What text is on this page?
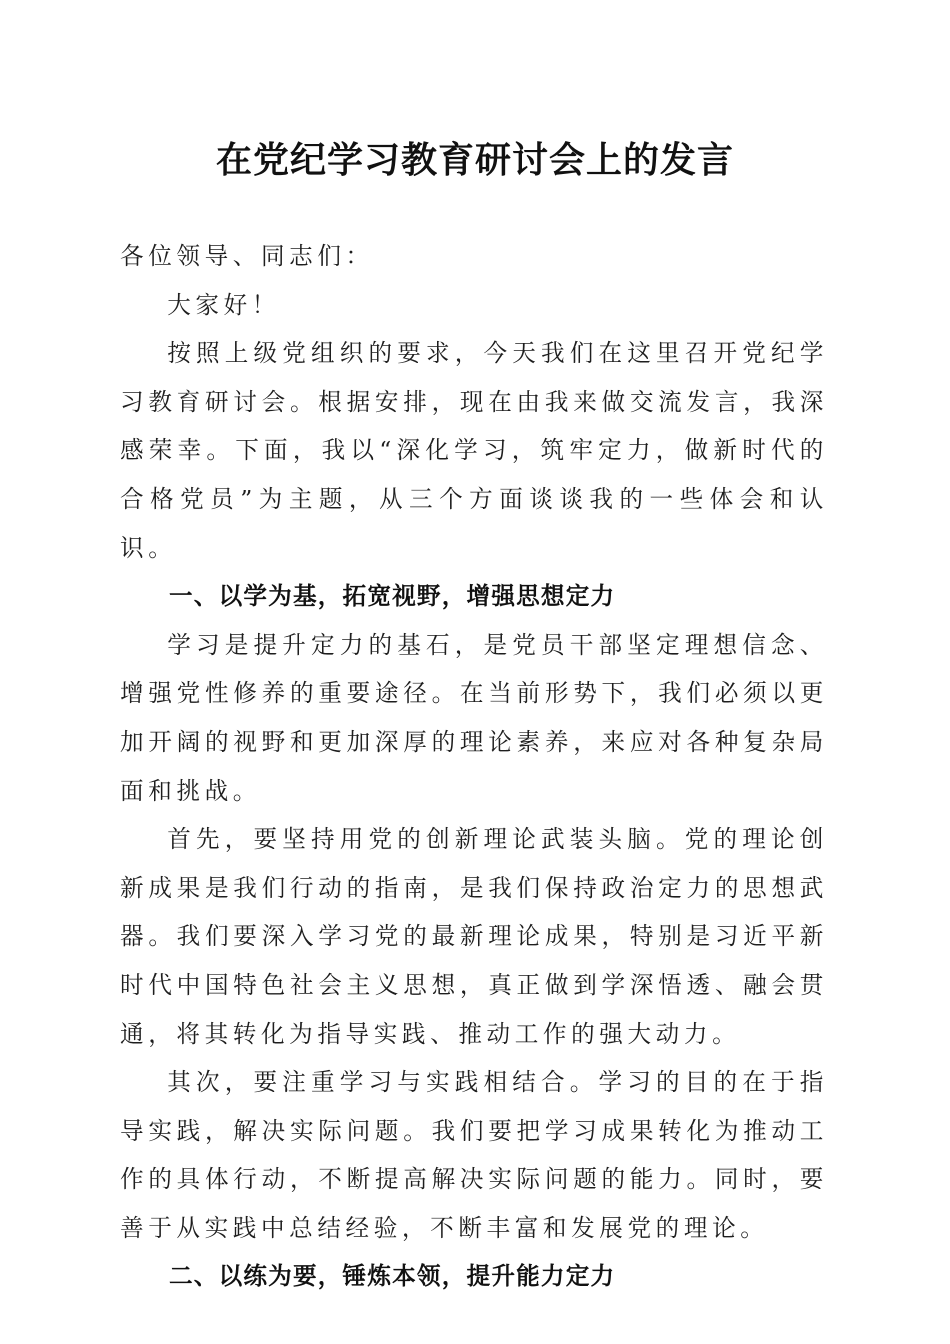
在党纪学习教育研讨会上的发言

各位领导、同志们：

大家好！

按照上级党组织的要求，今天我们在这里召开党纪学习教育研讨会。根据安排，现在由我来做交流发言，我深感荣幸。下面，我以“深化学习，筑牢定力，做新时代的合格党员”为主题，从三个方面谈谈我的一些体会和认识。

一、以学为基，拓宽视野，增强思想定力

学习是提升定力的基石，是党员干部坚定理想信念、增强党性修养的重要途径。在当前形势下，我们必须以更加开阔的视野和更加深厚的理论素养，来应对各种复杂局面和挑战。

首先，要坚持用党的创新理论武装头脑。党的理论创新成果是我们行动的指南，是我们保持政治定力的思想武器。我们要深入学习党的最新理论成果，特别是习近平新时代中国特色社会主义思想，真正做到学深悟透、融会贯通，将其转化为指导实践、推动工作的强大动力。

其次，要注重学习与实践相结合。学习的目的在于指导实践，解决实际问题。我们要把学习成果转化为推动工作的具体行动，不断提高解决实际问题的能力。同时，要善于从实践中总结经验，不断丰富和发展党的理论。

二、以练为要，锤炼本领，提升能力定力
